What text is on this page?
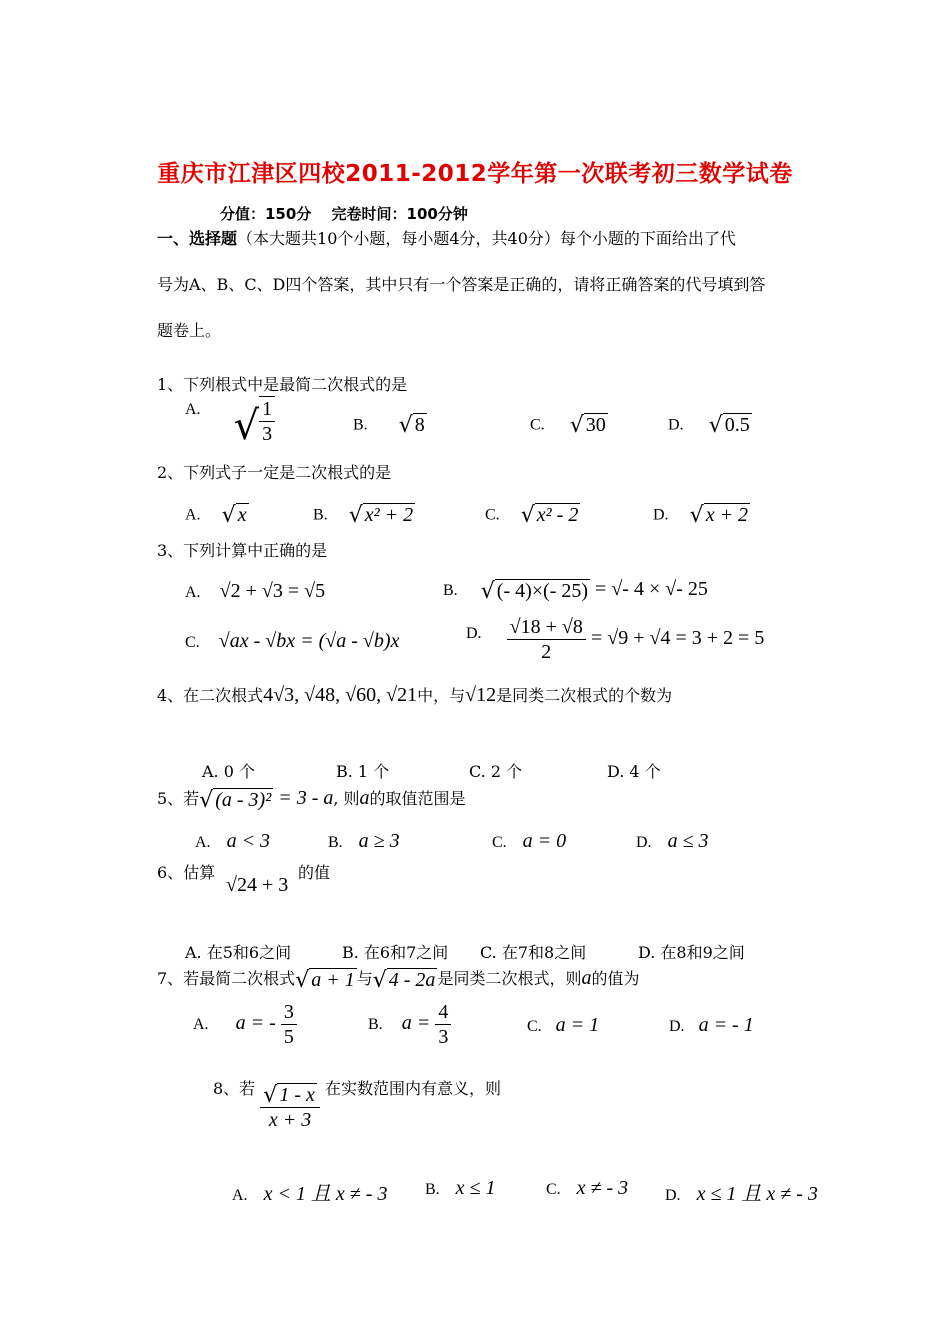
重庆市江津区四校2011-2012学年第一次联考初三数学试卷
分值：150分　 完卷时间：100分钟
一、选择题（本大题共10个小题，每小题4分，共40分）每个小题的下面给出了代
号为A、B、C、D四个答案，其中只有一个答案是正确的，请将正确答案的代号填到答
题卷上。
1、下列根式中是最简二次根式的是
A. √ $\frac{1}{3}$	B. √ 8	C. √ 30	D. √ 0.5
2、下列式子一定是二次根式的是
A. √ x	B. √ x² + 2	C. √ x² - 2	D. √ x + 2
3、下列计算中正确的是
A. √2 + √3 = √5	B. √ (- 4)×(- 25) = √- 4 × √- 25
C. √ax - √bx = (√a - √b)x	D. $\frac{√18 + √8}{2} = √9 + √4 = 3 + 2 = 5$
4、在二次根式4√3, √48, √60, √21中，与√12是同类二次根式的个数为
A. 0 个	B. 1 个	C. 2 个	D. 4 个
5、若 √ (a - 3)² = 3 - a, 则a的取值范围是
A. a < 3	B. a ≥ 3	C. a = 0	D. a ≤ 3
6、估算
√24 + 3
的值
A. 在5和6之间	B. 在6和7之间 C. 在7和8之间	D. 在8和9之间
7、若最简二次根式 √ a + 1 与 √ 4 - 2a 是同类二次根式，则a的值为
A. a = - $\frac{3}{5}$	B. $a = \frac{4}{3}$	C. a = 1	D. a = - 1
8、若 $\frac{√ 1 - x}{x + 3}$ 在实数范围内有意义，则
A. x < 1 且 x ≠ - 3 B. x ≤ 1	C. x ≠ - 3 D. x ≤ 1 且 x ≠ - 3
